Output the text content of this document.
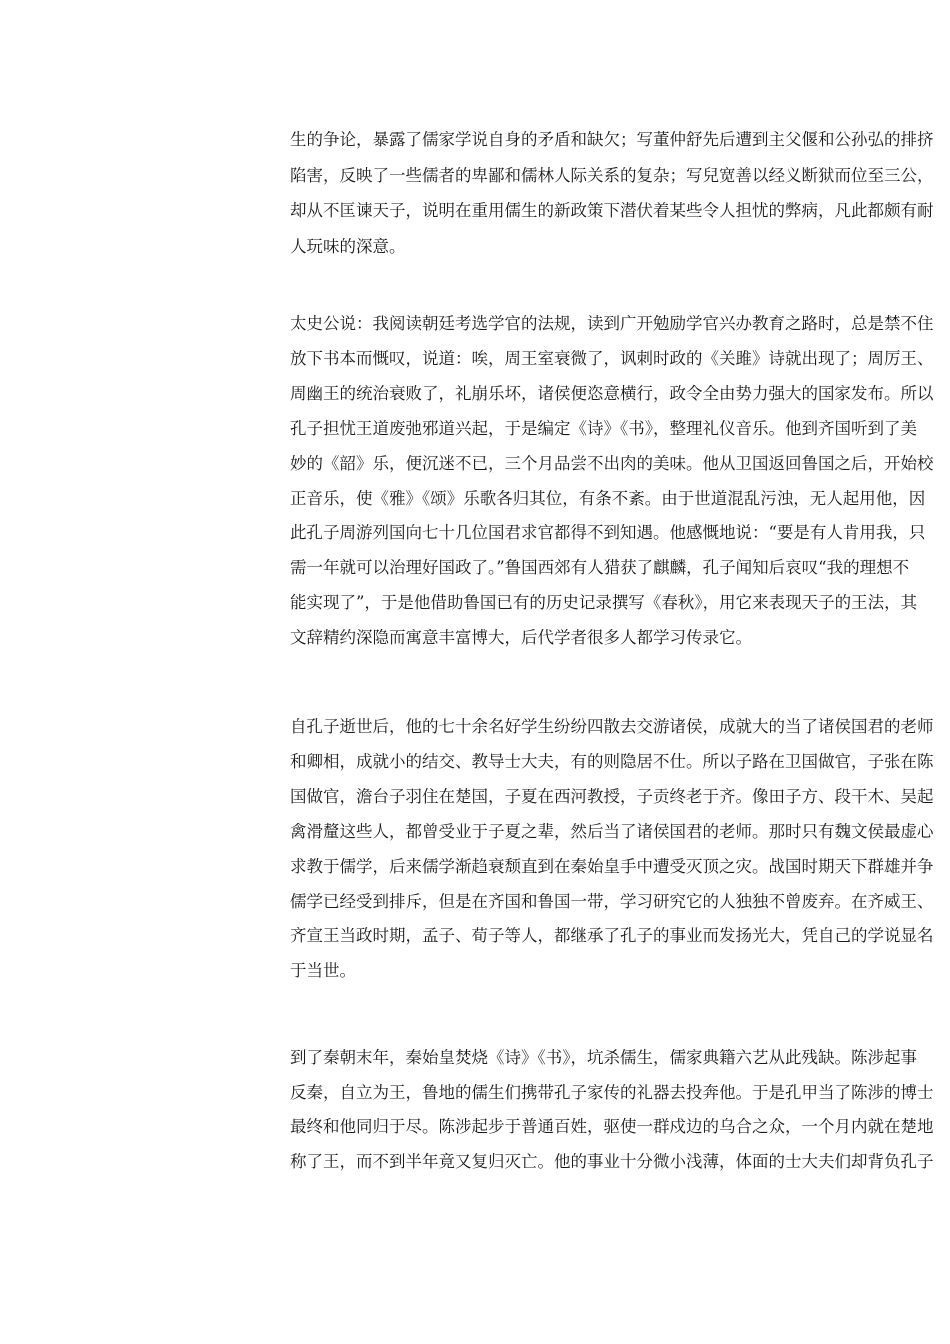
生的争论，暴露了儒家学说自身的矛盾和缺欠；写董仲舒先后遭到主父偃和公孙弘的排挤
陷害，反映了一些儒者的卑鄙和儒林人际关系的复杂；写兒宽善以经义断狱而位至三公，
却从不匡谏天子，说明在重用儒生的新政策下潜伏着某些令人担忧的弊病，凡此都颇有耐
人玩味的深意。

太史公说：我阅读朝廷考选学官的法规，读到广开勉励学官兴办教育之路时，总是禁不住
放下书本而慨叹，说道：唉，周王室衰微了，讽刺时政的《关雎》诗就出现了；周厉王、
周幽王的统治衰败了，礼崩乐坏，诸侯便恣意横行，政令全由势力强大的国家发布。所以
孔子担忧王道废弛邪道兴起，于是编定《诗》《书》，整理礼仪音乐。他到齐国听到了美
妙的《韶》乐，便沉迷不已，三个月品尝不出肉的美味。他从卫国返回鲁国之后，开始校
正音乐，使《雅》《颂》乐歌各归其位，有条不紊。由于世道混乱污浊，无人起用他，因
此孔子周游列国向七十几位国君求官都得不到知遇。他感慨地说：“要是有人肯用我，只
需一年就可以治理好国政了。”鲁国西郊有人猎获了麒麟，孔子闻知后哀叹“我的理想不
能实现了”，于是他借助鲁国已有的历史记录撰写《春秋》，用它来表现天子的王法，其
文辞精约深隐而寓意丰富博大，后代学者很多人都学习传录它。

自孔子逝世后，他的七十余名好学生纷纷四散去交游诸侯，成就大的当了诸侯国君的老师
和卿相，成就小的结交、教导士大夫，有的则隐居不仕。所以子路在卫国做官，子张在陈
国做官，澹台子羽住在楚国，子夏在西河教授，子贡终老于齐。像田子方、段干木、吴起
禽滑釐这些人，都曾受业于子夏之辈，然后当了诸侯国君的老师。那时只有魏文侯最虚心
求教于儒学，后来儒学渐趋衰颓直到在秦始皇手中遭受灭顶之灾。战国时期天下群雄并争
儒学已经受到排斥，但是在齐国和鲁国一带，学习研究它的人独独不曾废弃。在齐威王、
齐宣王当政时期，孟子、荀子等人，都继承了孔子的事业而发扬光大，凭自己的学说显名
于当世。

到了秦朝末年，秦始皇焚烧《诗》《书》，坑杀儒生，儒家典籍六艺从此残缺。陈涉起事
反秦，自立为王，鲁地的儒生们携带孔子家传的礼器去投奔他。于是孔甲当了陈涉的博士
最终和他同归于尽。陈涉起步于普通百姓，驱使一群戍边的乌合之众，一个月内就在楚地
称了王，而不到半年竟又复归灭亡。他的事业十分微小浅薄，体面的士大夫们却背负孔子
